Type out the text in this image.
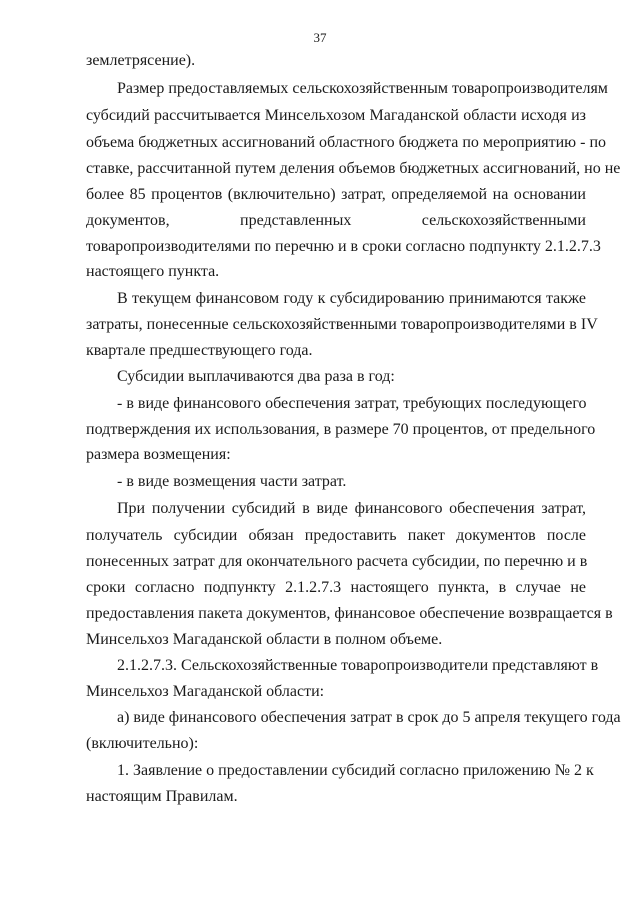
37
землетрясение).
Размер предоставляемых сельскохозяйственным товаропроизводителям
субсидий рассчитывается Минсельхозом Магаданской области исходя из
объема бюджетных ассигнований областного бюджета по мероприятию - по
ставке, рассчитанной путем деления объемов бюджетных ассигнований, но не
более 85 процентов (включительно) затрат, определяемой на основании
документов, представленных сельскохозяйственными
товаропроизводителями по перечню и в сроки согласно подпункту 2.1.2.7.3
настоящего пункта.
В текущем финансовом году к субсидированию принимаются также
затраты, понесенные сельскохозяйственными товаропроизводителями в IV
квартале предшествующего года.
Субсидии выплачиваются два раза в год:
- в виде финансового обеспечения затрат, требующих последующего
подтверждения их использования, в размере 70 процентов, от предельного
размера возмещения:
- в виде возмещения части затрат.
При получении субсидий в виде финансового обеспечения затрат,
получатель субсидии обязан предоставить пакет документов после
понесенных затрат для окончательного расчета субсидии, по перечню и в
сроки согласно подпункту 2.1.2.7.3 настоящего пункта, в случае не
предоставления пакета документов, финансовое обеспечение возвращается в
Минсельхоз Магаданской области в полном объеме.
2.1.2.7.3. Сельскохозяйственные товаропроизводители представляют в
Минсельхоз Магаданской области:
а) виде финансового обеспечения затрат в срок до 5 апреля текущего года
(включительно):
1. Заявление о предоставлении субсидий согласно приложению № 2 к
настоящим Правилам.
